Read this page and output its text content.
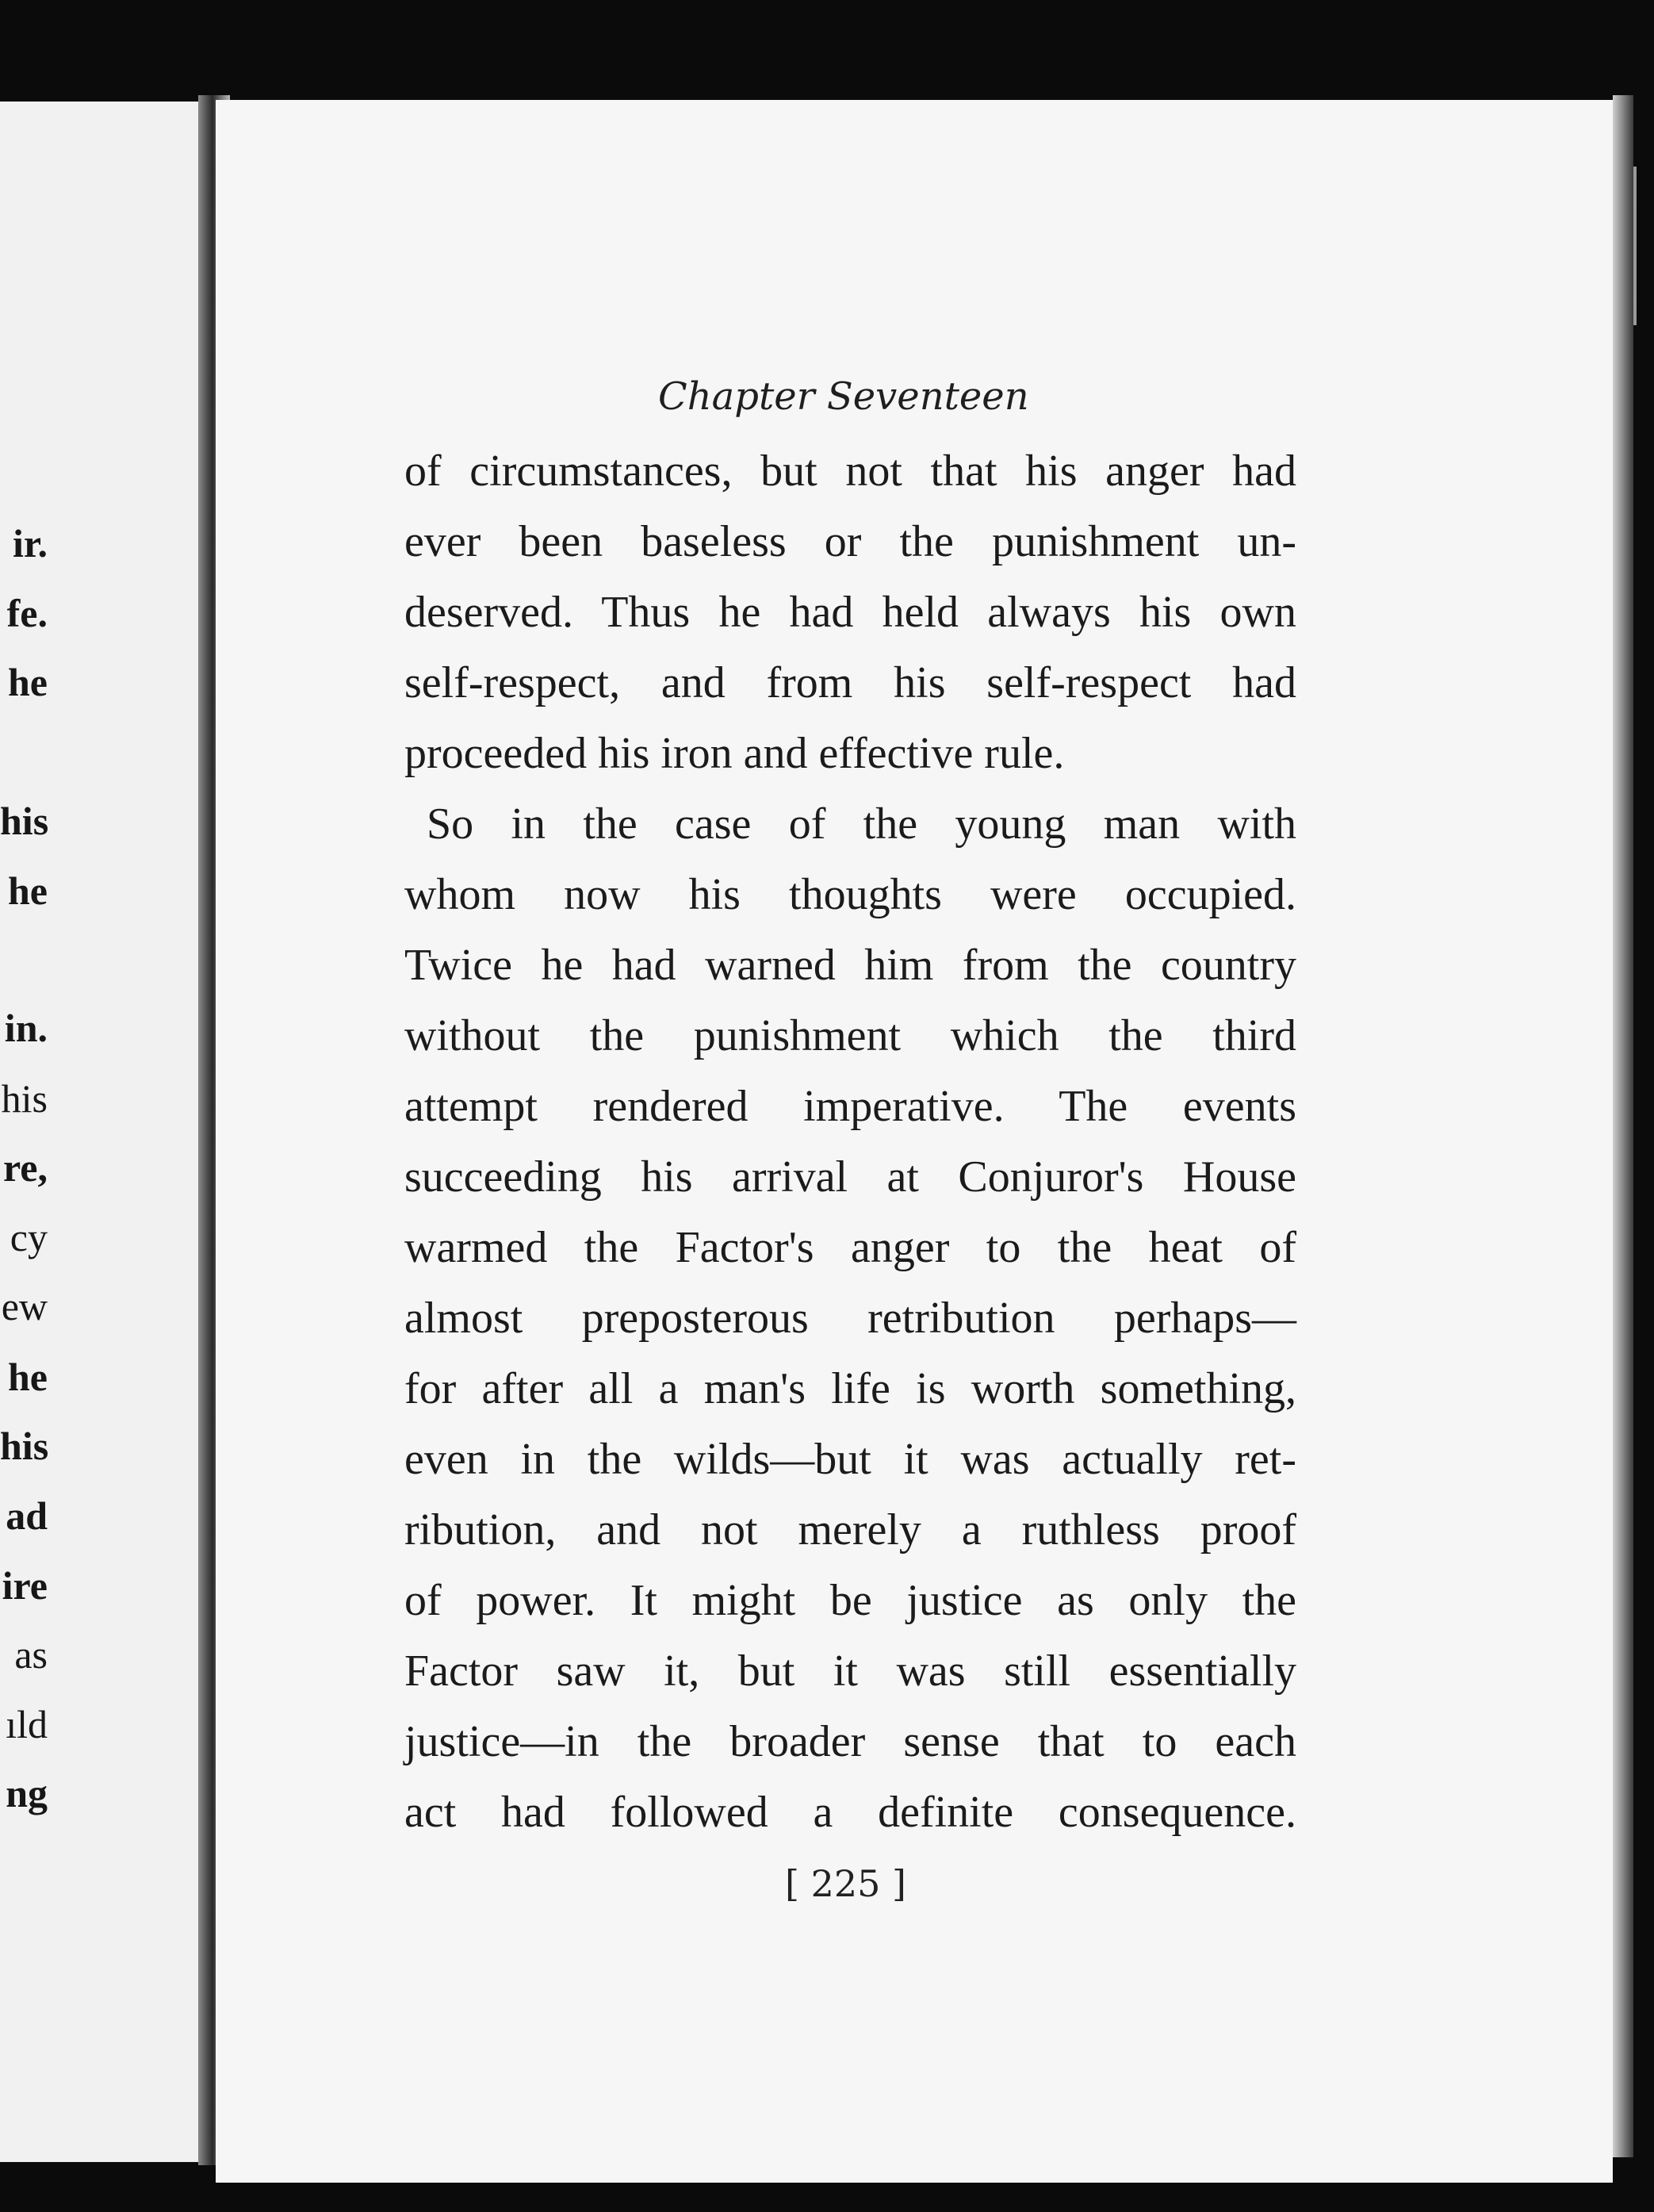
ir.
fe.
he
his
he
in.
his
re,
cy
ew
he
his
ad
ire
as
ıld
ng
Chapter Seventeen
of circumstances, but not that his anger had
ever been baseless or the punishment un-
deserved. Thus he had held always his own
self-respect, and from his self-respect had
proceeded his iron and effective rule.
So in the case of the young man with
whom now his thoughts were occupied.
Twice he had warned him from the country
without the punishment which the third
attempt rendered imperative. The events
succeeding his arrival at Conjuror's House
warmed the Factor's anger to the heat of
almost preposterous retribution perhaps—
for after all a man's life is worth something,
even in the wilds—but it was actually ret-
ribution, and not merely a ruthless proof
of power. It might be justice as only the
Factor saw it, but it was still essentially
justice—in the broader sense that to each
act had followed a definite consequence.
[ 225 ]
